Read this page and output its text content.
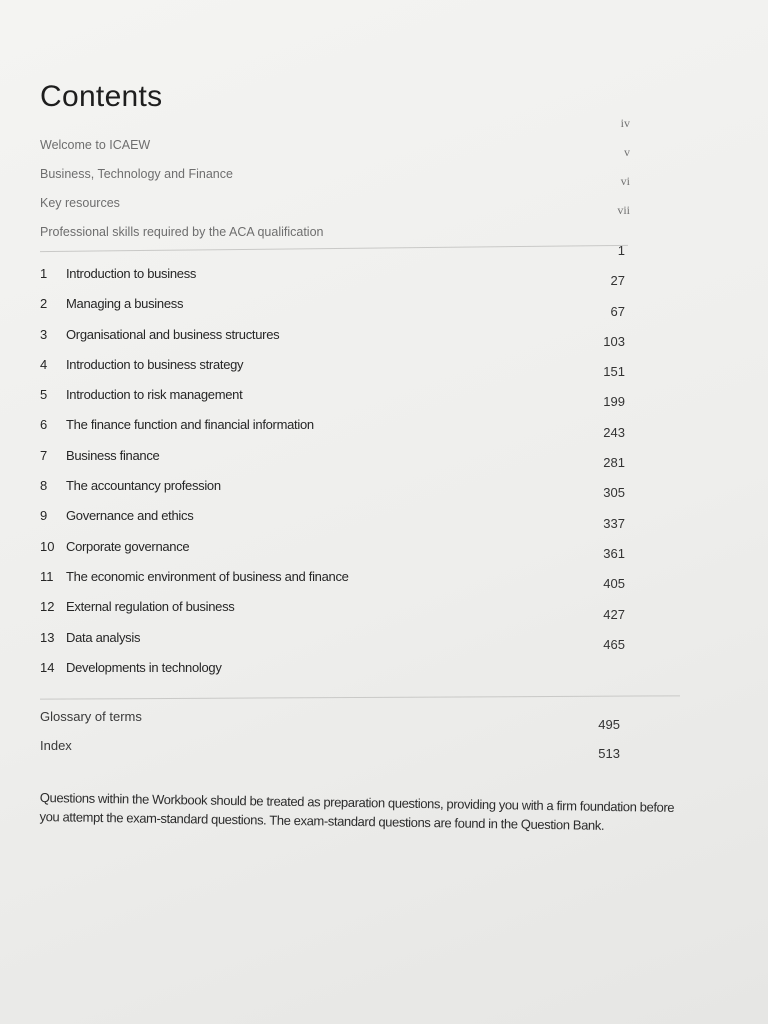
Contents
Welcome to ICAEW
iv
Business, Technology and Finance
v
Key resources
vi
Professional skills required by the ACA qualification
vii
1 Introduction to business
1
2 Managing a business
27
3 Organisational and business structures
67
4 Introduction to business strategy
103
5 Introduction to risk management
151
6 The finance function and financial information
199
7 Business finance
243
8 The accountancy profession
281
9 Governance and ethics
305
10 Corporate governance
337
11 The economic environment of business and finance
361
12 External regulation of business
405
13 Data analysis
427
14 Developments in technology
465
Glossary of terms
495
Index
513
Questions within the Workbook should be treated as preparation questions, providing you with a firm foundation before you attempt the exam-standard questions. The exam-standard questions are found in the Question Bank.
